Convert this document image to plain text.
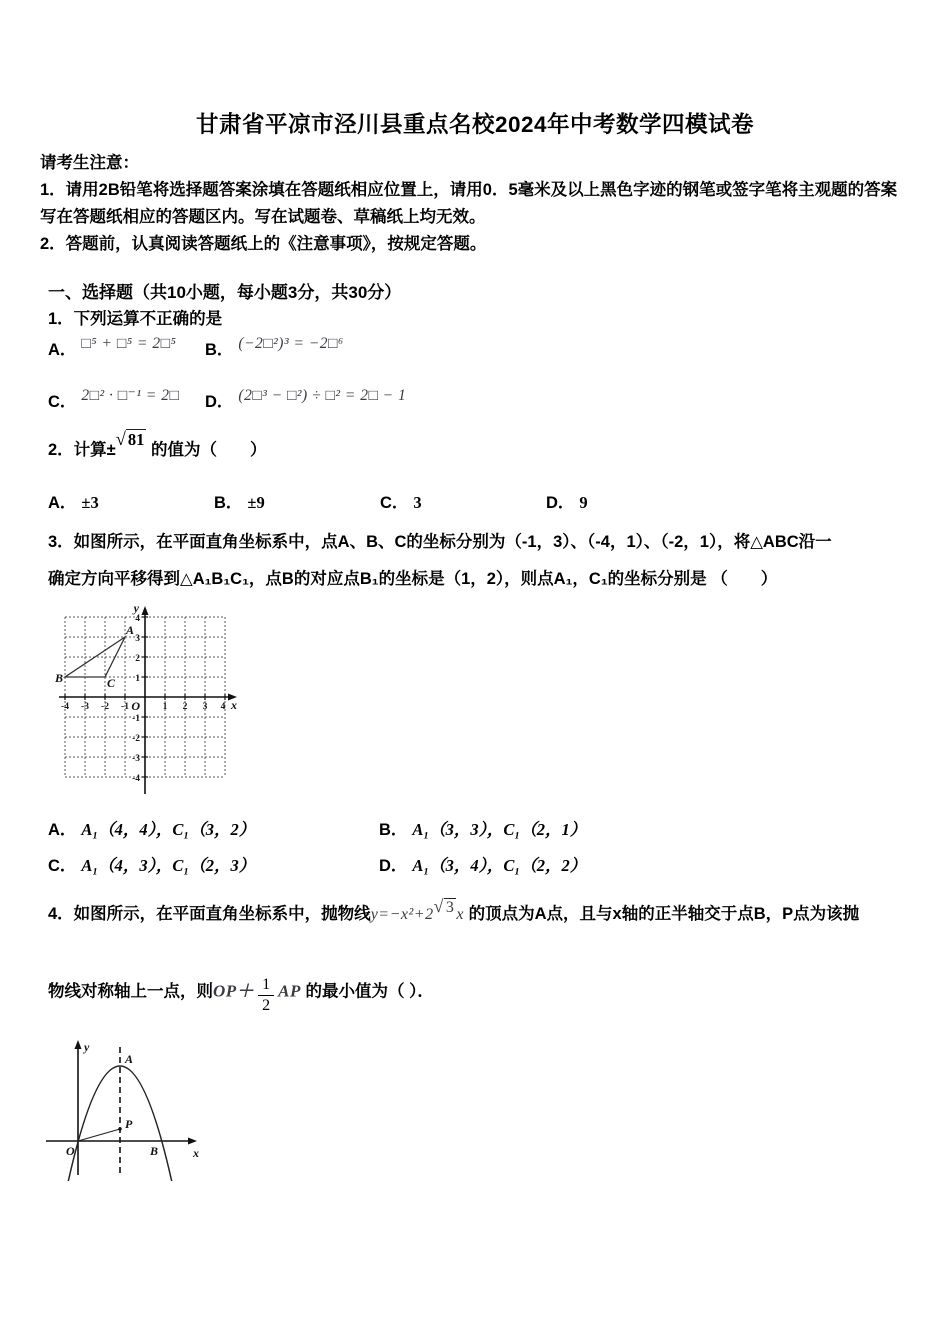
甘肃省平凉市泾川县重点名校2024年中考数学四模试卷

请考生注意：

1．请用2B铅笔将选择题答案涂填在答题纸相应位置上，请用0．5毫米及以上黑色字迹的钢笔或签字笔将主观题的答案写在答题纸相应的答题区内。写在试题卷、草稿纸上均无效。

2．答题前，认真阅读答题纸上的《注意事项》，按规定答题。

一、选择题（共10小题，每小题3分，共30分）

1．下列运算不正确的是

A． □⁵ + □⁵ = 2□⁵ B． (−2□²)³ = −2□⁶
C． 2□² · □⁻¹ = 2□ D． (2□³ − □²) ÷ □² = 2□ − 1

2．计算±√ 81 的值为（　　）

A． ±3	B． ±9	C． 3	D． 9

3．如图所示，在平面直角坐标系中，点A、B、C的坐标分别为（-1，3）、（-4，1）、（-2，1），将△ABC沿一

确定方向平移得到△A₁B₁C₁，点B的对应点B₁的坐标是（1，2），则点A₁，C₁的坐标分别是 （　　）

-4 -3 -2 -1	1 2 3 4
4
3
2
1
-1
-2
-3
-4
A
B	C
y
x
O
A． A₁（4，4），C₁（3，2）	B． A₁（3，3），C₁（2，1）
C． A₁（4，3），C₁（2，3）	D． A₁（3，4），C₁（2，2）

4．如图所示，在平面直角坐标系中，抛物线y=−x²+2√ 3 x 的顶点为A点，且与x轴的正半轴交于点B，P点为该抛

物线对称轴上一点，则$OP+ \frac{1}{2}$ AP 的最小值为（ ）．

y
x
O
A
P
B
